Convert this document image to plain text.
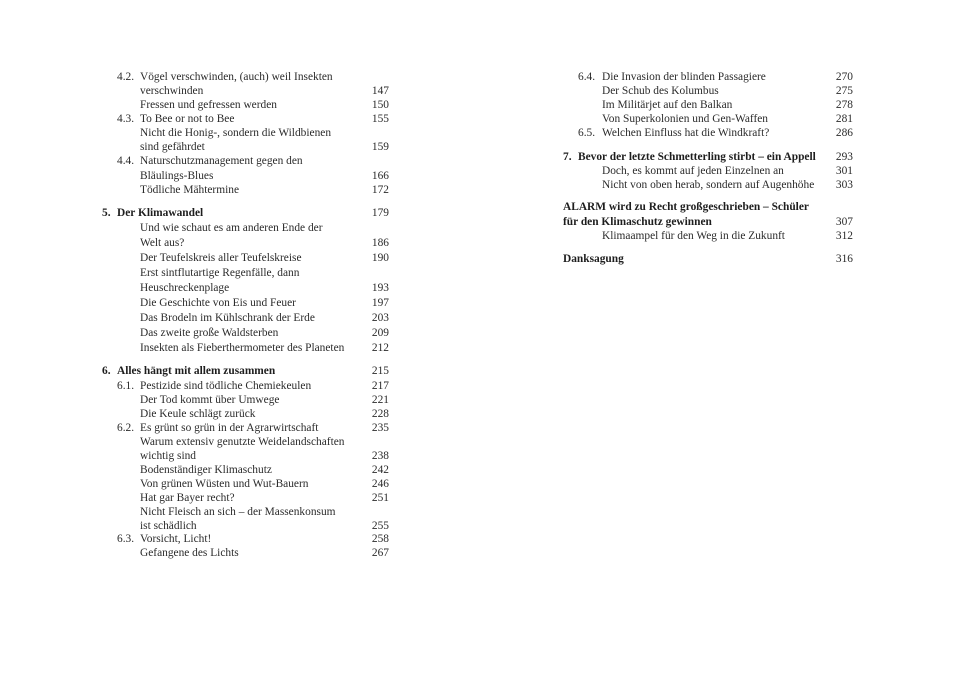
4.2. Vögel verschwinden, (auch) weil Insekten
verschwinden	147
Fressen und gefressen werden	150
4.3. To Bee or not to Bee	155
Nicht die Honig-, sondern die Wildbienen
sind gefährdet	159
4.4. Naturschutzmanagement gegen den
Bläulings-Blues	166
Tödliche Mähtermine	172
5. Der Klimawandel	179
Und wie schaut es am anderen Ende der
Welt aus?	186
Der Teufelskreis aller Teufelskreise	190
Erst sintflutartige Regenfälle, dann
Heuschreckenplage	193
Die Geschichte von Eis und Feuer	197
Das Brodeln im Kühlschrank der Erde	203
Das zweite große Waldsterben	209
Insekten als Fieberthermometer des Planeten	212
6. Alles hängt mit allem zusammen	215
6.1. Pestizide sind tödliche Chemiekeulen	217
Der Tod kommt über Umwege	221
Die Keule schlägt zurück	228
6.2. Es grünt so grün in der Agrarwirtschaft	235
Warum extensiv genutzte Weidelandschaften
wichtig sind	238
Bodenständiger Klimaschutz	242
Von grünen Wüsten und Wut-Bauern	246
Hat gar Bayer recht?	251
Nicht Fleisch an sich – der Massenkonsum
ist schädlich	255
6.3. Vorsicht, Licht!	258
Gefangene des Lichts	267
6.4. Die Invasion der blinden Passagiere	270
Der Schub des Kolumbus	275
Im Militärjet auf den Balkan	278
Von Superkolonien und Gen-Waffen	281
6.5. Welchen Einfluss hat die Windkraft?	286
7. Bevor der letzte Schmetterling stirbt – ein Appell	293
Doch, es kommt auf jeden Einzelnen an	301
Nicht von oben herab, sondern auf Augenhöhe	303
ALARM wird zu Recht großgeschrieben – Schüler
für den Klimaschutz gewinnen	307
Klimaampel für den Weg in die Zukunft	312
Danksagung	316
